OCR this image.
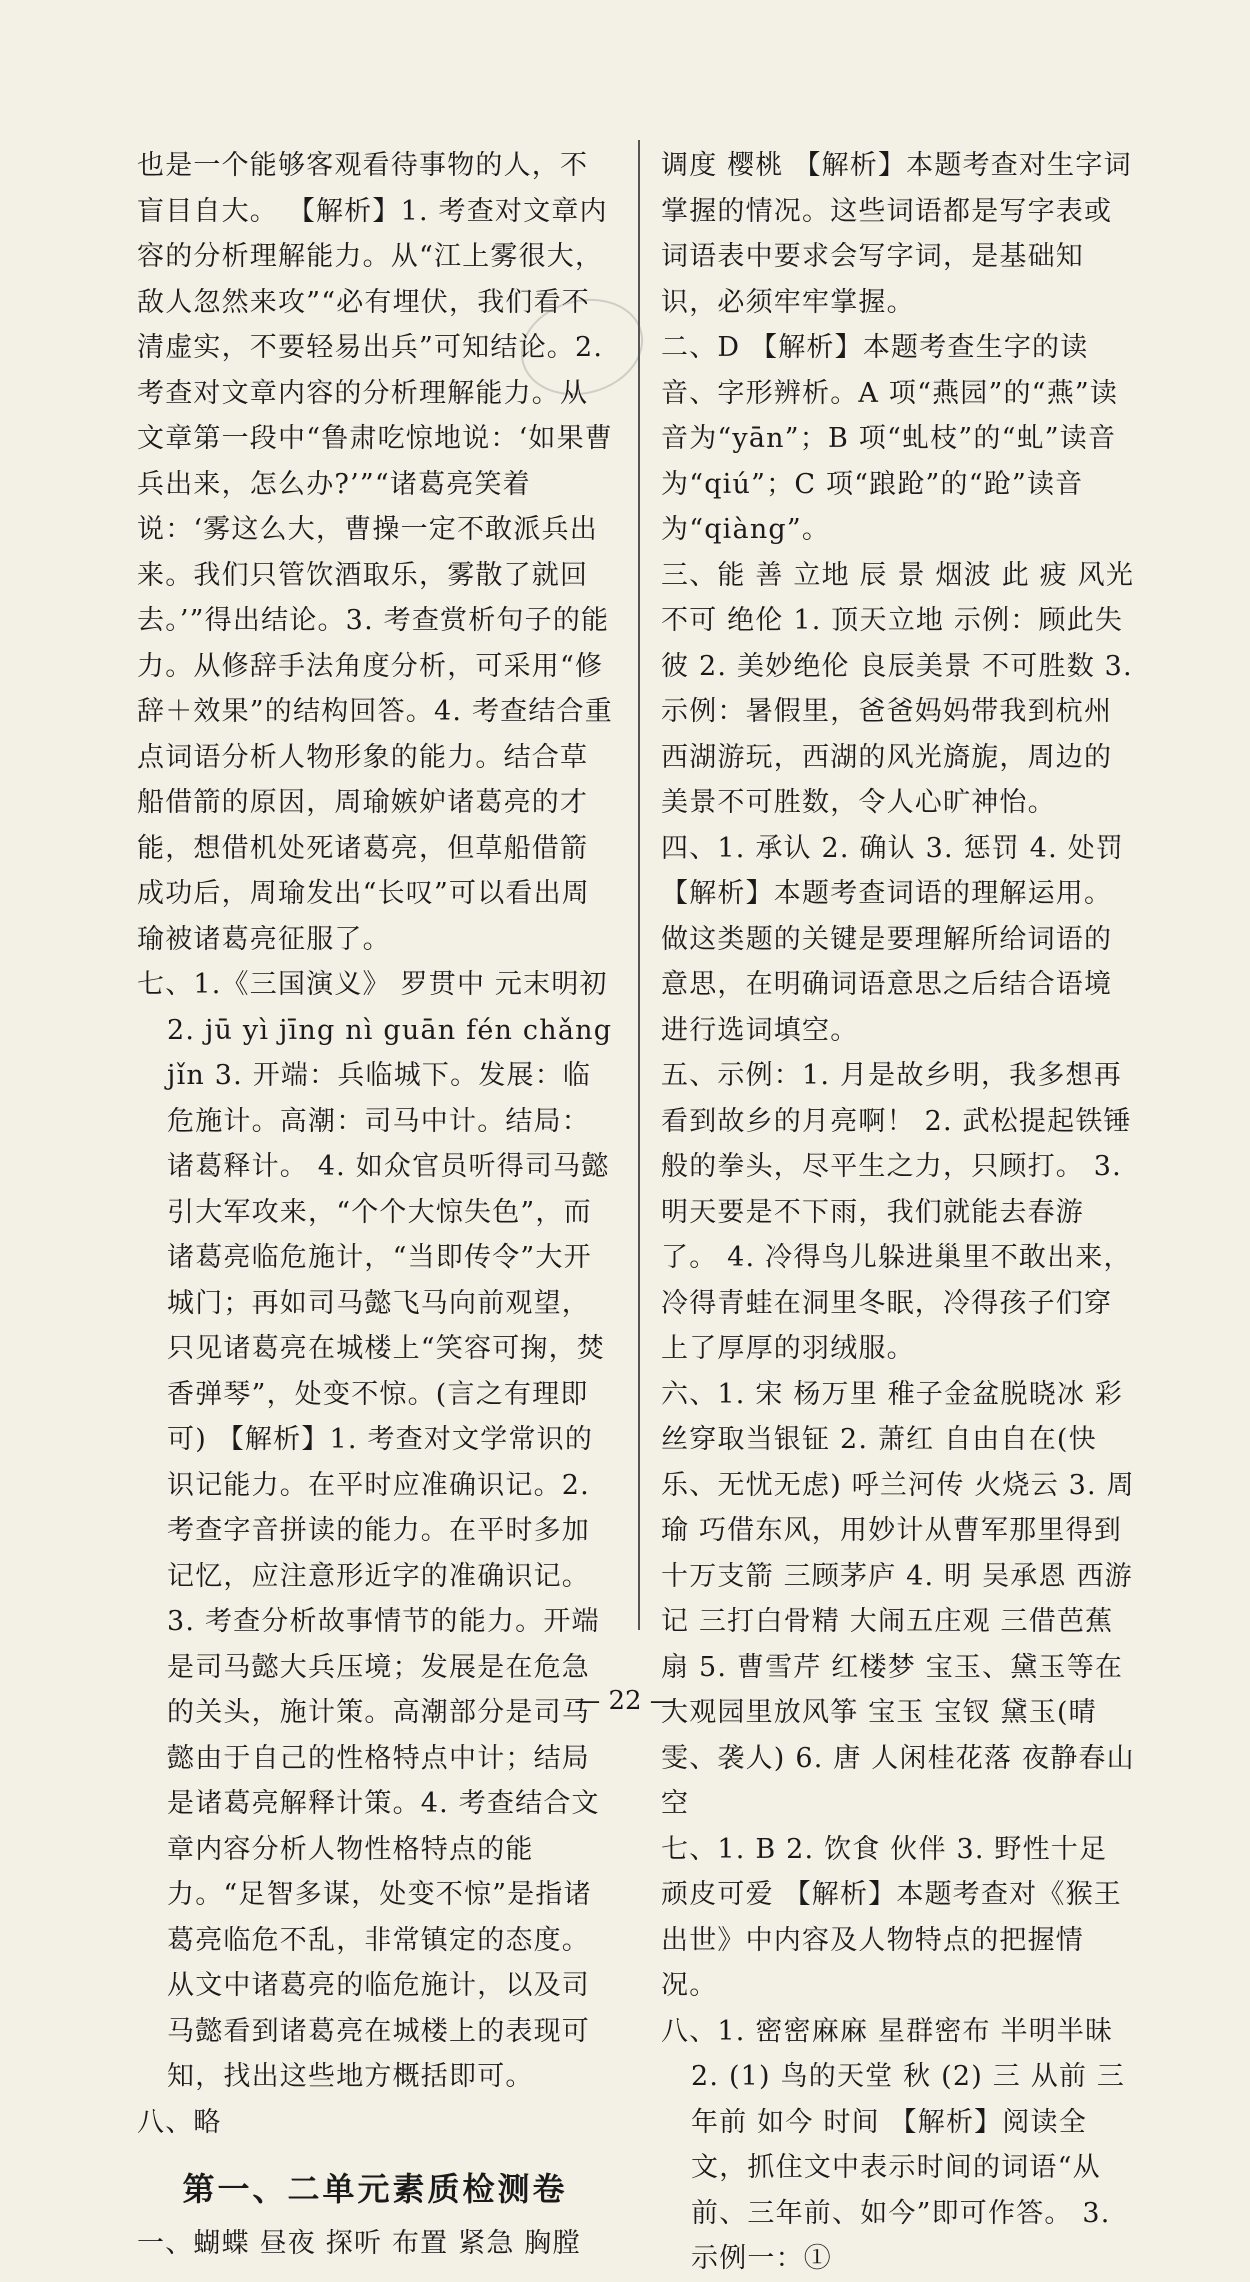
也是一个能够客观看待事物的人，不盲目自大。 【解析】1. 考查对文章内容的分析理解能力。从“江上雾很大，敌人忽然来攻”“必有埋伏，我们看不清虚实，不要轻易出兵”可知结论。2. 考查对文章内容的分析理解能力。从文章第一段中“鲁肃吃惊地说：‘如果曹兵出来，怎么办?’”“诸葛亮笑着说：‘雾这么大，曹操一定不敢派兵出来。我们只管饮酒取乐，雾散了就回去。’”得出结论。3. 考查赏析句子的能力。从修辞手法角度分析，可采用“修辞＋效果”的结构回答。4. 考查结合重点词语分析人物形象的能力。结合草船借箭的原因，周瑜嫉妒诸葛亮的才能，想借机处死诸葛亮，但草船借箭成功后，周瑜发出“长叹”可以看出周瑜被诸葛亮征服了。

七、1.《三国演义》 罗贯中 元末明初

2. jū yì jīng nì guān fén chǎng jǐn 3. 开端：兵临城下。发展：临危施计。高潮：司马中计。结局：诸葛释计。 4. 如众官员听得司马懿引大军攻来，“个个大惊失色”，而诸葛亮临危施计，“当即传令”大开城门；再如司马懿飞马向前观望，只见诸葛亮在城楼上“笑容可掬，焚香弹琴”，处变不惊。(言之有理即可) 【解析】1. 考查对文学常识的识记能力。在平时应准确识记。2. 考查字音拼读的能力。在平时多加记忆，应注意形近字的准确识记。3. 考查分析故事情节的能力。开端是司马懿大兵压境；发展是在危急的关头，施计策。高潮部分是司马懿由于自己的性格特点中计；结局是诸葛亮解释计策。4. 考查结合文章内容分析人物性格特点的能力。“足智多谋，处变不惊”是指诸葛亮临危不乱，非常镇定的态度。从文中诸葛亮的临危施计，以及司马懿看到诸葛亮在城楼上的表现可知，找出这些地方概括即可。

八、略

第一、二单元素质检测卷

一、蝴蝶 昼夜 探听 布置 紧急 胸膛

调度 樱桃 【解析】本题考查对生字词掌握的情况。这些词语都是写字表或词语表中要求会写字词，是基础知识，必须牢牢掌握。

二、D 【解析】本题考查生字的读音、字形辨析。A 项“燕园”的“燕”读音为“yān”；B 项“虬枝”的“虬”读音为“qiú”；C 项“踉跄”的“跄”读音为“qiàng”。

三、能 善 立地 辰 景 烟波 此 疲 风光 不可 绝伦 1. 顶天立地 示例：顾此失彼 2. 美妙绝伦 良辰美景 不可胜数 3. 示例：暑假里，爸爸妈妈带我到杭州西湖游玩，西湖的风光旖旎，周边的美景不可胜数，令人心旷神怡。

四、1. 承认 2. 确认 3. 惩罚 4. 处罚

【解析】本题考查词语的理解运用。做这类题的关键是要理解所给词语的意思，在明确词语意思之后结合语境进行选词填空。

五、示例：1. 月是故乡明，我多想再看到故乡的月亮啊！ 2. 武松提起铁锤般的拳头，尽平生之力，只顾打。 3. 明天要是不下雨，我们就能去春游了。 4. 冷得鸟儿躲进巢里不敢出来，冷得青蛙在洞里冬眠，冷得孩子们穿上了厚厚的羽绒服。

六、1. 宋 杨万里 稚子金盆脱晓冰 彩丝穿取当银钲 2. 萧红 自由自在(快乐、无忧无虑) 呼兰河传 火烧云 3. 周瑜 巧借东风，用妙计从曹军那里得到十万支箭 三顾茅庐 4. 明 吴承恩 西游记 三打白骨精 大闹五庄观 三借芭蕉扇 5. 曹雪芹 红楼梦 宝玉、黛玉等在大观园里放风筝 宝玉 宝钗 黛玉(晴雯、袭人) 6. 唐 人闲桂花落 夜静春山空

七、1. B 2. 饮食 伙伴 3. 野性十足 顽皮可爱 【解析】本题考查对《猴王出世》中内容及人物特点的把握情况。

八、1. 密密麻麻 星群密布 半明半昧

2. (1) 鸟的天堂 秋 (2) 三 从前 三年前 如今 时间 【解析】阅读全文，抓住文中表示时间的词语“从前、三年前、如今”即可作答。 3. 示例一：①

— 22 —
